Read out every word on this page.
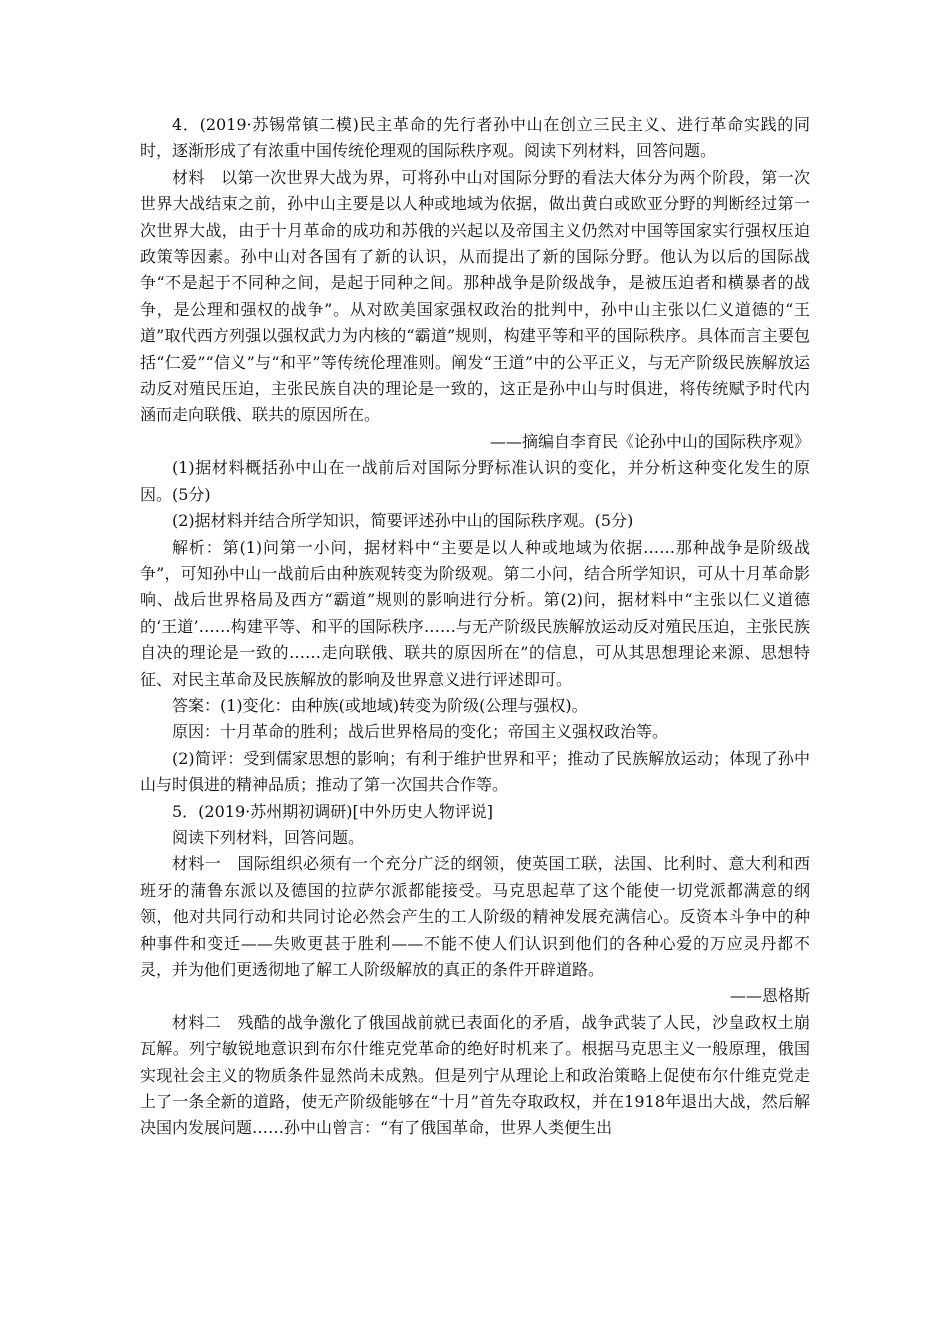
4．(2019·苏锡常镇二模)民主革命的先行者孙中山在创立三民主义、进行革命实践的同时，逐渐形成了有浓重中国传统伦理观的国际秩序观。阅读下列材料，回答问题。

材料　以第一次世界大战为界，可将孙中山对国际分野的看法大体分为两个阶段，第一次世界大战结束之前，孙中山主要是以人种或地域为依据，做出黄白或欧亚分野的判断经过第一次世界大战，由于十月革命的成功和苏俄的兴起以及帝国主义仍然对中国等国家实行强权压迫政策等因素。孙中山对各国有了新的认识，从而提出了新的国际分野。他认为以后的国际战争“不是起于不同种之间，是起于同种之间。那种战争是阶级战争，是被压迫者和横暴者的战争，是公理和强权的战争”。从对欧美国家强权政治的批判中，孙中山主张以仁义道德的“王道”取代西方列强以强权武力为内核的“霸道”规则，构建平等和平的国际秩序。具体而言主要包括“仁爱”“信义”与“和平”等传统伦理准则。阐发“王道”中的公平正义，与无产阶级民族解放运动反对殖民压迫，主张民族自决的理论是一致的，这正是孙中山与时俱进，将传统赋予时代内涵而走向联俄、联共的原因所在。

——摘编自李育民《论孙中山的国际秩序观》

(1)据材料概括孙中山在一战前后对国际分野标准认识的变化，并分析这种变化发生的原因。(5分)

(2)据材料并结合所学知识，简要评述孙中山的国际秩序观。(5分)

解析：第(1)问第一小问，据材料中“主要是以人种或地域为依据……那种战争是阶级战争”，可知孙中山一战前后由种族观转变为阶级观。第二小问，结合所学知识，可从十月革命影响、战后世界格局及西方“霸道”规则的影响进行分析。第(2)问，据材料中“主张以仁义道德的‘王道’……构建平等、和平的国际秩序……与无产阶级民族解放运动反对殖民压迫，主张民族自决的理论是一致的……走向联俄、联共的原因所在”的信息，可从其思想理论来源、思想特征、对民主革命及民族解放的影响及世界意义进行评述即可。

答案：(1)变化：由种族(或地域)转变为阶级(公理与强权)。

原因：十月革命的胜利；战后世界格局的变化；帝国主义强权政治等。

(2)简评：受到儒家思想的影响；有利于维护世界和平；推动了民族解放运动；体现了孙中山与时俱进的精神品质；推动了第一次国共合作等。

5．(2019·苏州期初调研)[中外历史人物评说]

阅读下列材料，回答问题。

材料一　国际组织必须有一个充分广泛的纲领，使英国工联，法国、比利时、意大利和西班牙的蒲鲁东派以及德国的拉萨尔派都能接受。马克思起草了这个能使一切党派都满意的纲领，他对共同行动和共同讨论必然会产生的工人阶级的精神发展充满信心。反资本斗争中的种种事件和变迁——失败更甚于胜利——不能不使人们认识到他们的各种心爱的万应灵丹都不灵，并为他们更透彻地了解工人阶级解放的真正的条件开辟道路。

——恩格斯

材料二　残酷的战争激化了俄国战前就已表面化的矛盾，战争武装了人民，沙皇政权土崩瓦解。列宁敏锐地意识到布尔什维克党革命的绝好时机来了。根据马克思主义一般原理，俄国实现社会主义的物质条件显然尚未成熟。但是列宁从理论上和政治策略上促使布尔什维克党走上了一条全新的道路，使无产阶级能够在“十月”首先夺取政权，并在1918年退出大战，然后解决国内发展问题……孙中山曾言：“有了俄国革命，世界人类便生出
